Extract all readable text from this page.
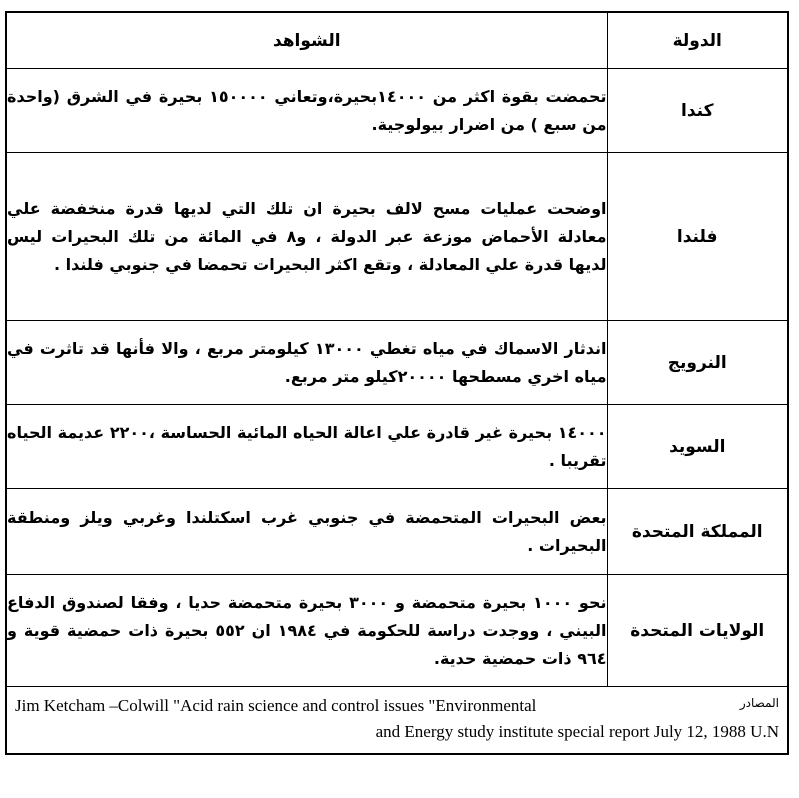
الدولة	الشواهد
كندا	تحمضت بقوة اكثر من ١٤٠٠٠بحيرة،وتعاني ١٥٠٠٠٠ بحيرة في الشرق (واحدة من سبع ) من اضرار بيولوجية.

فلندا	اوضحت عمليات مسح لالف بحيرة ان تلك التي لديها قدرة منخفضة علي معادلة الأحماض موزعة عبر الدولة ، و٨ في المائة من تلك البحيرات ليس لديها قدرة علي المعادلة ، وتقع اكثر البحيرات تحمضا في جنوبي فلندا .

النرويج	اندثار الاسماك في مياه تغطي ١٣٠٠٠ كيلومتر مربع ، والا فأنها قد تاثرت في مياه اخري مسطحها ٢٠٠٠٠كيلو متر مربع.

السويد	١٤٠٠٠ بحيرة غير قادرة علي اعالة الحياه المائية الحساسة ،٢٢٠٠ عديمة الحياه تقريبا .

المملكة المتحدة	بعض البحيرات المتحمضة في جنوبي غرب اسكتلندا وغربي ويلز ومنطقة البحيرات .

الولايات المتحدة	نحو ١٠٠٠ بحيرة متحمضة و ٣٠٠٠ بحيرة متحمضة حديا ، وفقا لصندوق الدفاع البيني ، ووجدت دراسة للحكومة في ١٩٨٤ ان ٥٥٢ بحيرة ذات حمضية قوية و ٩٦٤ ذات حمضية حدية.

المصادر
Jim Ketcham –Colwill "Acid rain science and control issues "Environmental
and Energy study institute special report July 12, 1988 U.N	
